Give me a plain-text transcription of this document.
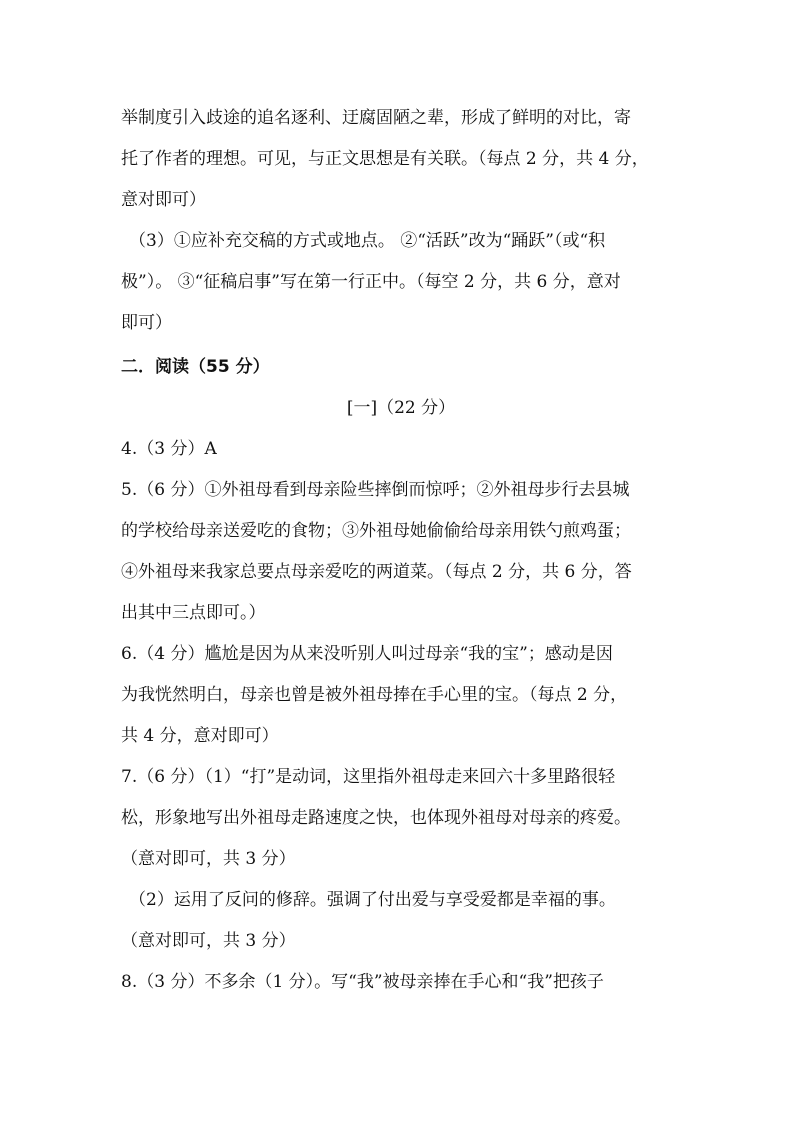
举制度引入歧途的追名逐利、迂腐固陋之辈，形成了鲜明的对比，寄
托了作者的理想。可见，与正文思想是有关联。（每点 2 分，共 4 分，
意对即可）
（3）①应补充交稿的方式或地点。 ②“活跃”改为“踊跃”（或“积
极”）。 ③“征稿启事”写在第一行正中。（每空 2 分，共 6 分，意对
即可）
二．阅读（55 分）
[一]（22 分）
4.（3 分）A
5.（6 分）①外祖母看到母亲险些摔倒而惊呼；②外祖母步行去县城
的学校给母亲送爱吃的食物；③外祖母她偷偷给母亲用铁勺煎鸡蛋；
④外祖母来我家总要点母亲爱吃的两道菜。（每点 2 分，共 6 分，答
出其中三点即可。）
6.（4 分）尴尬是因为从来没听别人叫过母亲“我的宝”；感动是因
为我恍然明白，母亲也曾是被外祖母捧在手心里的宝。（每点 2 分，
共 4 分，意对即可）
7.（6 分）（1）“打”是动词，这里指外祖母走来回六十多里路很轻
松，形象地写出外祖母走路速度之快，也体现外祖母对母亲的疼爱。
（意对即可，共 3 分）
（2）运用了反问的修辞。强调了付出爱与享受爱都是幸福的事。
（意对即可，共 3 分）
8.（3 分）不多余（1 分）。写“我”被母亲捧在手心和“我”把孩子
